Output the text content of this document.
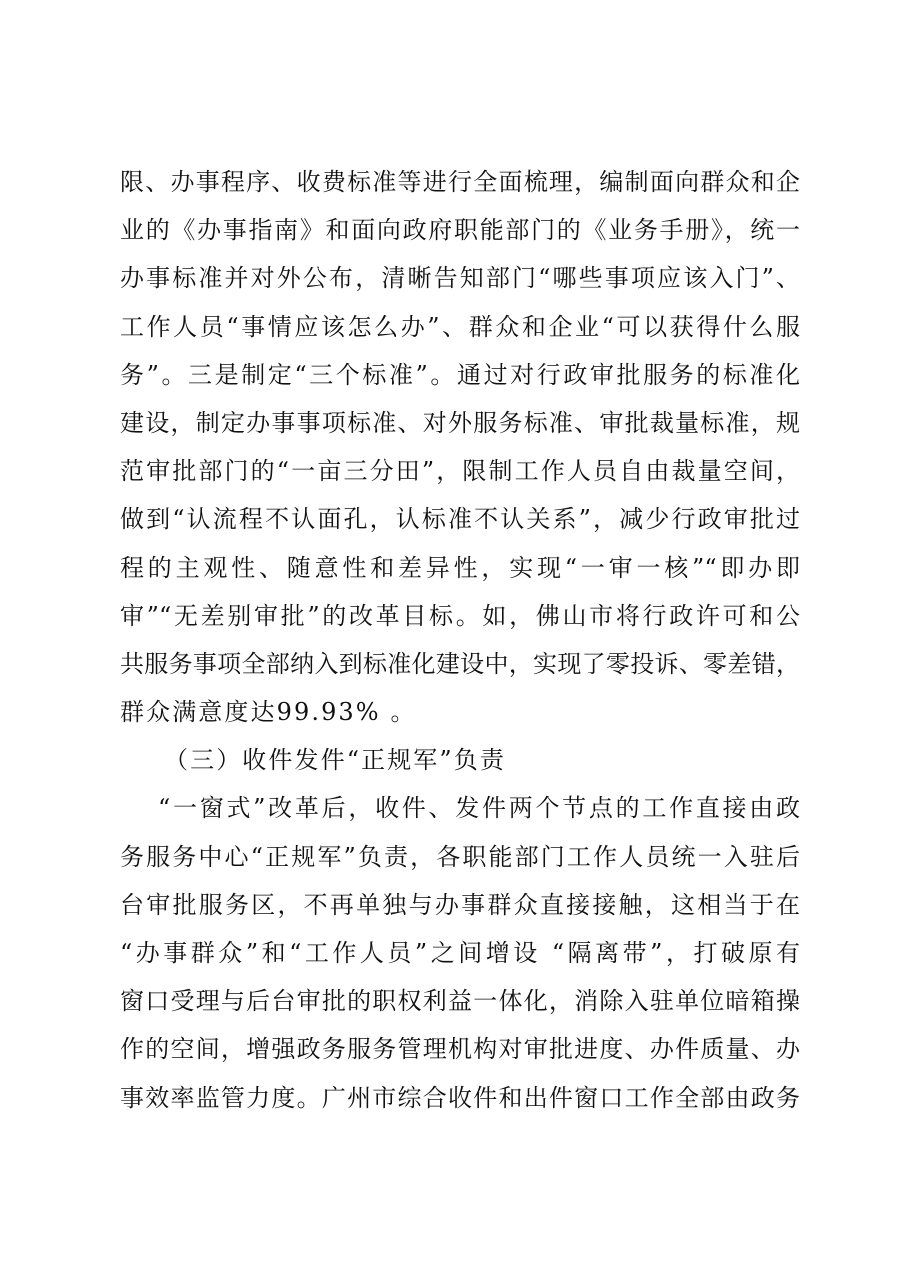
限、办事程序、收费标准等进行全面梳理，编制面向群众和企
业的《办事指南》和面向政府职能部门的《业务手册》，统一
办事标准并对外公布，清晰告知部门“哪些事项应该入门”、
工作人员“事情应该怎么办”、群众和企业“可以获得什么服
务”。三是制定“三个标准”。通过对行政审批服务的标准化
建设，制定办事事项标准、对外服务标准、审批裁量标准，规
范审批部门的“一亩三分田”，限制工作人员自由裁量空间，
做到“认流程不认面孔，认标准不认关系”，减少行政审批过
程的主观性、随意性和差异性，实现“一审一核”“即办即
审”“无差别审批”的改革目标。如，佛山市将行政许可和公
共服务事项全部纳入到标准化建设中，实现了零投诉、零差错，
群众满意度达99.93% 。
（三）收件发件“正规军”负责
“一窗式”改革后，收件、发件两个节点的工作直接由政
务服务中心“正规军”负责，各职能部门工作人员统一入驻后
台审批服务区，不再单独与办事群众直接接触，这相当于在
“办事群众”和“工作人员”之间增设 “隔离带”，打破原有
窗口受理与后台审批的职权利益一体化，消除入驻单位暗箱操
作的空间，增强政务服务管理机构对审批进度、办件质量、办
事效率监管力度。广州市综合收件和出件窗口工作全部由政务
